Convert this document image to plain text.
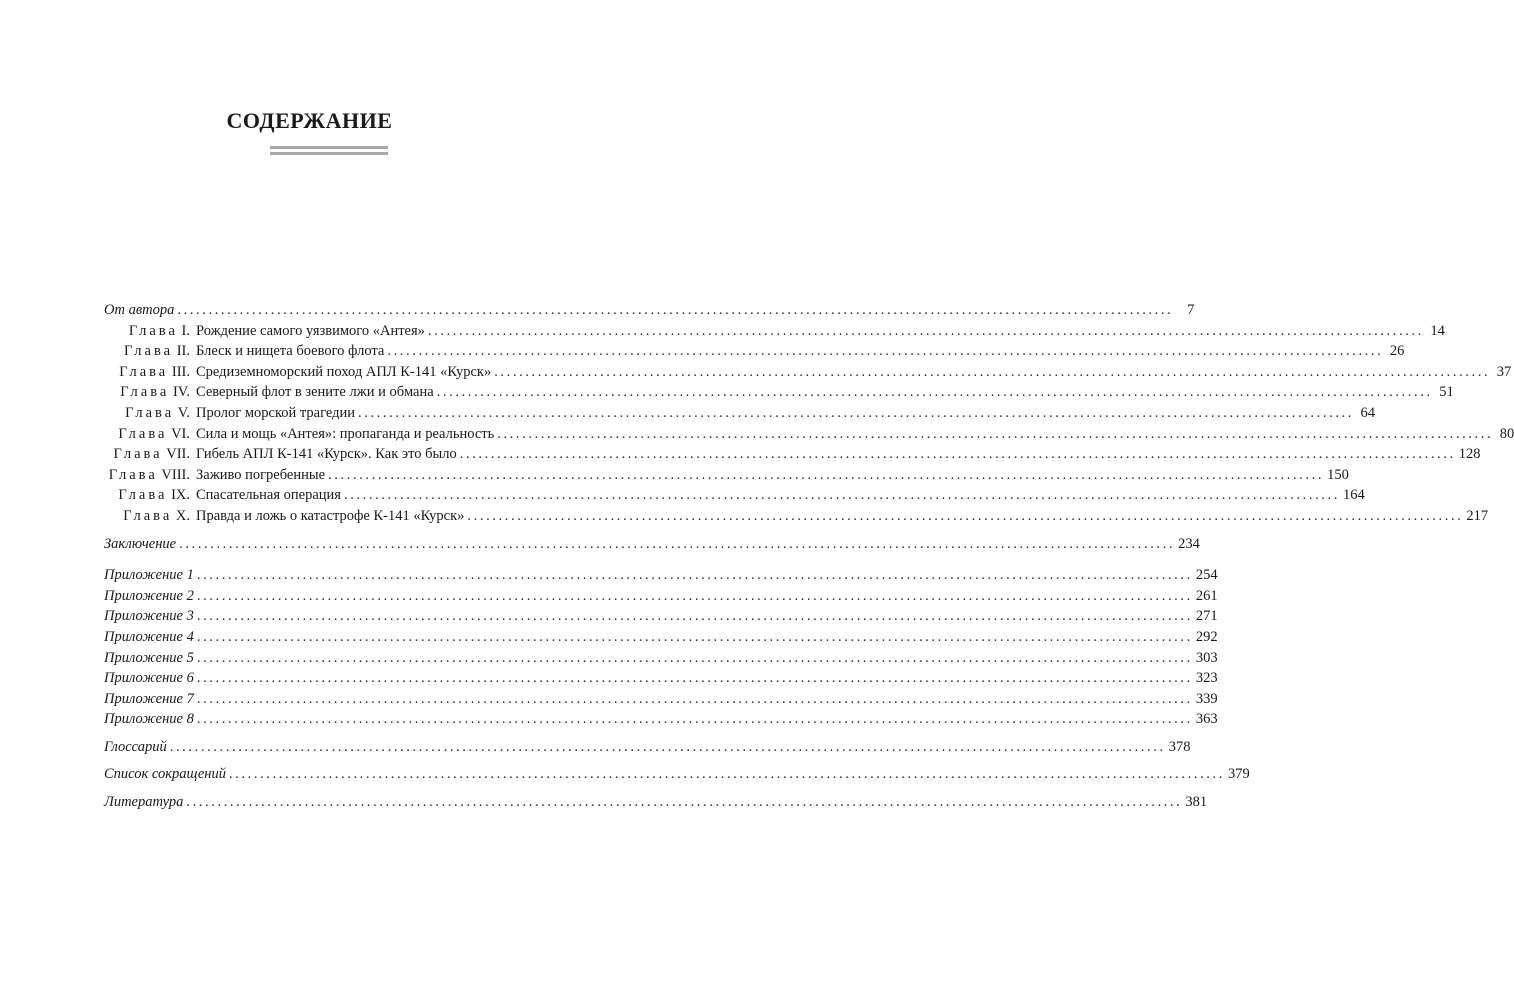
СОДЕРЖАНИЕ
От автора .....	7
Глава I. Рождение самого уязвимого «Антея» .....	14
Глава II. Блеск и нищета боевого флота .....	26
Глава III. Средиземноморский поход АПЛ К-141 «Курск» .....	37
Глава IV. Северный флот в зените лжи и обмана .....	51
Глава V. Пролог морской трагедии .....	64
Глава VI. Сила и мощь «Антея»: пропаганда и реальность .....	80
Глава VII. Гибель АПЛ К-141 «Курск». Как это было .....	128
Глава VIII. Заживо погребенные .....	150
Глава IX. Спасательная операция .....	164
Глава X. Правда и ложь о катастрофе К-141 «Курск» .....	217
Заключение .....	234
Приложение 1 .....	254
Приложение 2 .....	261
Приложение 3 .....	271
Приложение 4 .....	292
Приложение 5 .....	303
Приложение 6 .....	323
Приложение 7 .....	339
Приложение 8 .....	363
Глоссарий .....	378
Список сокращений .....	379
Литература .....	381
